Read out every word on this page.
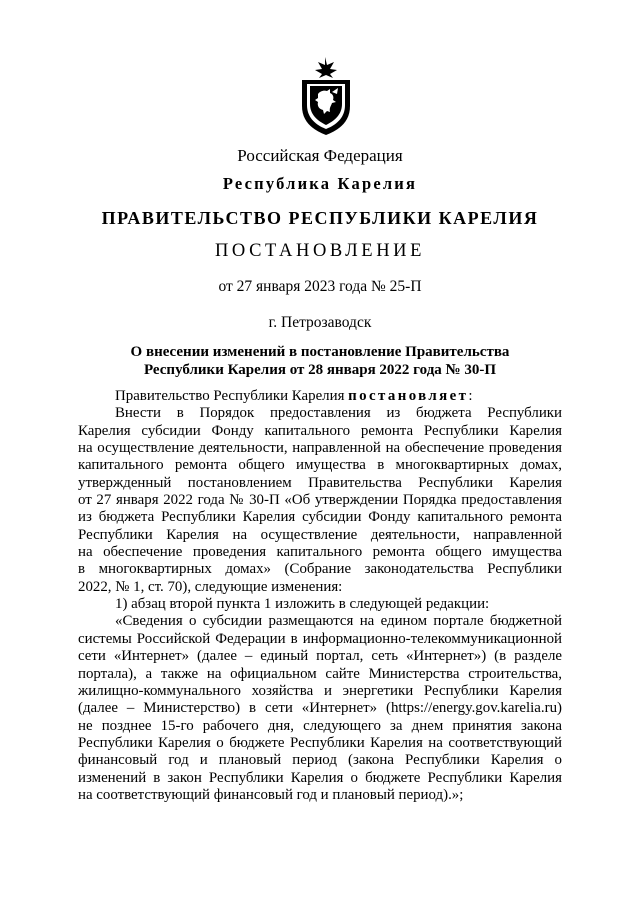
Российская Федерация
Республика Карелия
ПРАВИТЕЛЬСТВО РЕСПУБЛИКИ КАРЕЛИЯ
ПОСТАНОВЛЕНИЕ
от 27 января 2023 года № 25-П
г. Петрозаводск
О внесении изменений в постановление Правительства
Республики Карелия от 28 января 2022 года № 30-П
Правительство Республики Карелия постановляет:
Внести в Порядок предоставления из бюджета Республики
Карелия субсидии Фонду капитального ремонта Республики Карелия
на осуществление деятельности, направленной на обеспечение проведения
капитального ремонта общего имущества в многоквартирных домах,
утвержденный постановлением Правительства Республики Карелия
от 27 января 2022 года № 30-П «Об утверждении Порядка предоставления
из бюджета Республики Карелия субсидии Фонду капитального ремонта
Республики Карелия на осуществление деятельности, направленной
на обеспечение проведения капитального ремонта общего имущества
в многоквартирных домах» (Собрание законодательства Республики
2022, № 1, ст. 70), следующие изменения:
1) абзац второй пункта 1 изложить в следующей редакции:
«Сведения о субсидии размещаются на едином портале бюджетной
системы Российской Федерации в информационно-телекоммуникационной
сети «Интернет» (далее – единый портал, сеть «Интернет») (в разделе
портала), а также на официальном сайте Министерства строительства,
жилищно-коммунального хозяйства и энергетики Республики Карелия
(далее – Министерство) в сети «Интернет» (https://energy.gov.karelia.ru)
не позднее 15-го рабочего дня, следующего за днем принятия закона
Республики Карелия о бюджете Республики Карелия на соответствующий
финансовый год и плановый период (закона Республики Карелия о
изменений в закон Республики Карелия о бюджете Республики Карелия
на соответствующий финансовый год и плановый период).»;
